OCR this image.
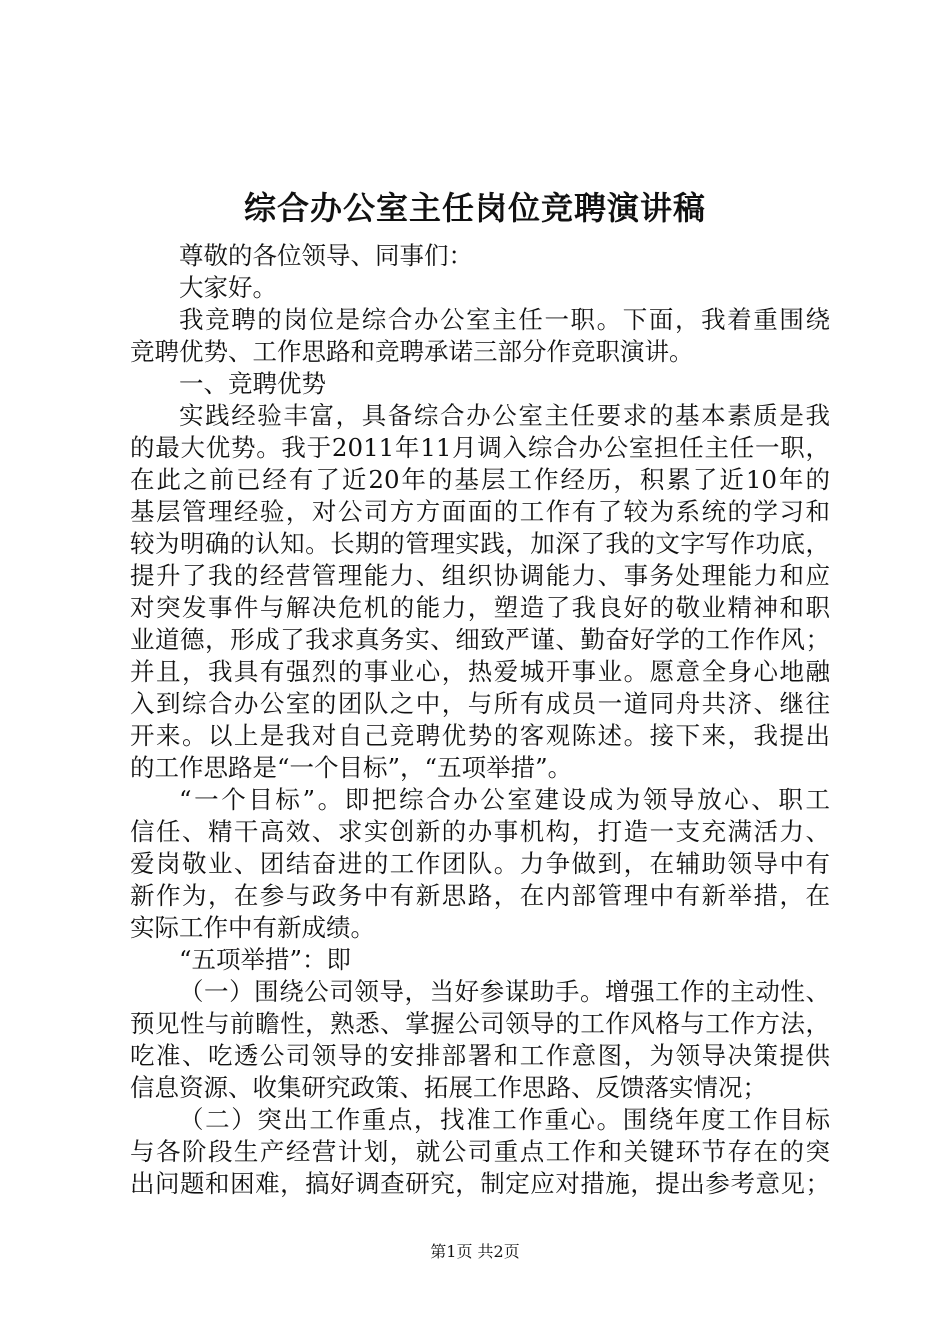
综合办公室主任岗位竞聘演讲稿
尊敬的各位领导、同事们：
大家好。
我竞聘的岗位是综合办公室主任一职。下面，我着重围绕
竞聘优势、工作思路和竞聘承诺三部分作竞职演讲。
一、竞聘优势
实践经验丰富，具备综合办公室主任要求的基本素质是我
的最大优势。我于2011年11月调入综合办公室担任主任一职，
在此之前已经有了近20年的基层工作经历，积累了近10年的
基层管理经验，对公司方方面面的工作有了较为系统的学习和
较为明确的认知。长期的管理实践，加深了我的文字写作功底，
提升了我的经营管理能力、组织协调能力、事务处理能力和应
对突发事件与解决危机的能力，塑造了我良好的敬业精神和职
业道德，形成了我求真务实、细致严谨、勤奋好学的工作作风；
并且，我具有强烈的事业心，热爱城开事业。愿意全身心地融
入到综合办公室的团队之中，与所有成员一道同舟共济、继往
开来。以上是我对自己竞聘优势的客观陈述。接下来，我提出
的工作思路是“一个目标”，“五项举措”。
“一个目标”。即把综合办公室建设成为领导放心、职工
信任、精干高效、求实创新的办事机构，打造一支充满活力、
爱岗敬业、团结奋进的工作团队。力争做到，在辅助领导中有
新作为，在参与政务中有新思路，在内部管理中有新举措，在
实际工作中有新成绩。
“五项举措”：即
（一）围绕公司领导，当好参谋助手。增强工作的主动性、
预见性与前瞻性，熟悉、掌握公司领导的工作风格与工作方法，
吃准、吃透公司领导的安排部署和工作意图，为领导决策提供
信息资源、收集研究政策、拓展工作思路、反馈落实情况；
（二）突出工作重点，找准工作重心。围绕年度工作目标
与各阶段生产经营计划，就公司重点工作和关键环节存在的突
出问题和困难，搞好调查研究，制定应对措施，提出参考意见；
第1页 共2页
